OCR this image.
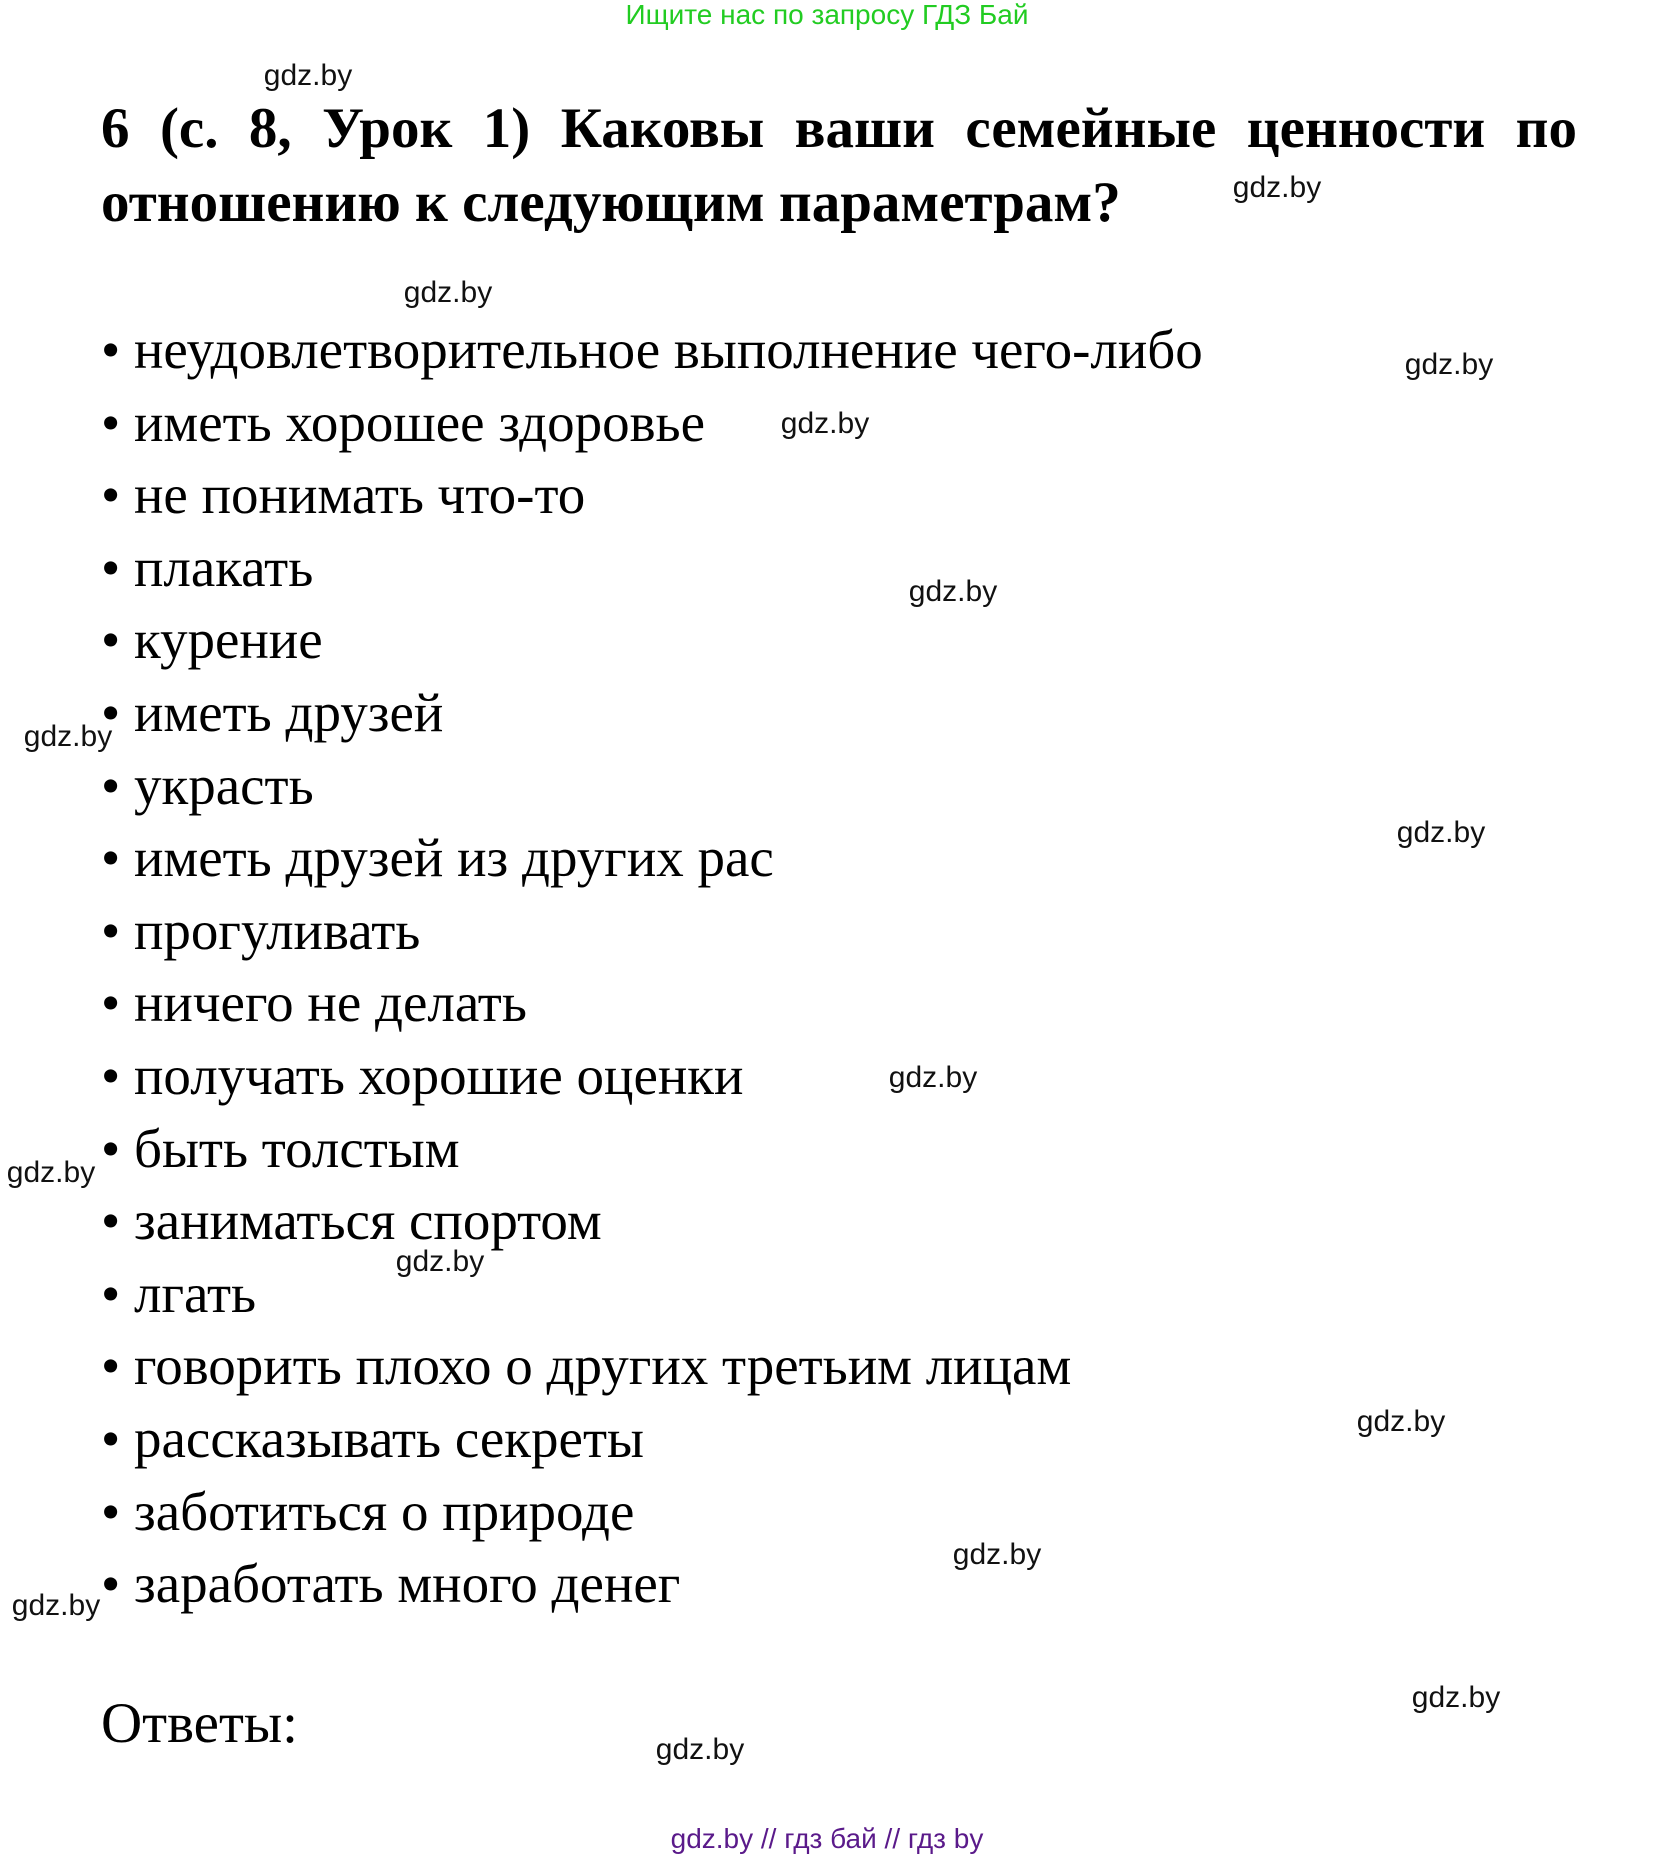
Ищите нас по запросу ГДЗ Бай
6 (с. 8, Урок 1) Каковы ваши семейные ценности по отношению к следующим параметрам?
• неудовлетворительное выполнение чего-либо
• иметь хорошее здоровье
• не понимать что-то
• плакать
• курение
• иметь друзей
• украсть
• иметь друзей из других рас
• прогуливать
• ничего не делать
• получать хорошие оценки
• быть толстым
• заниматься спортом
• лгать
• говорить плохо о других третьим лицам
• рассказывать секреты
• заботиться о природе
• заработать много денег
Ответы:
gdz.by
gdz.by
gdz.by
gdz.by
gdz.by
gdz.by
gdz.by
gdz.by
gdz.by
gdz.by
gdz.by
gdz.by
gdz.by
gdz.by
gdz.by
gdz.by
gdz.by // гдз бай // гдз by
